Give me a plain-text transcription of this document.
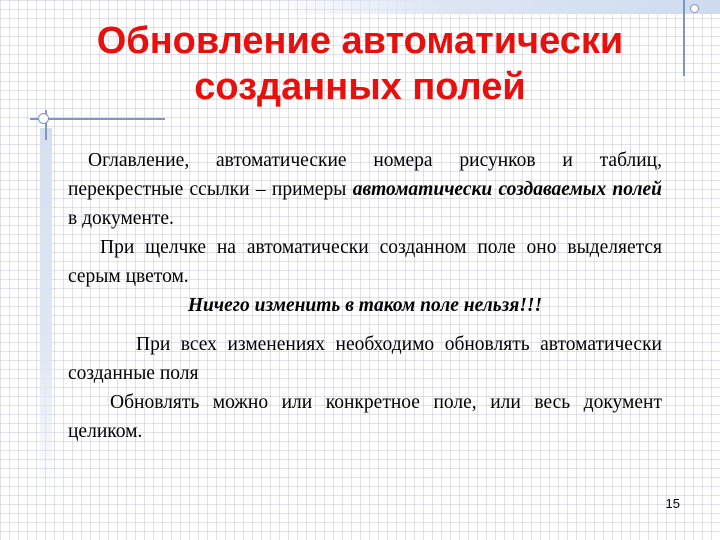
Обновление автоматически
созданных полей

Оглавление, автоматические номера рисунков и таблиц, перекрестные ссылки – примеры автоматически создаваемых полей в документе.

При щелчке на автоматически созданном поле оно выделяется серым цветом.

Ничего изменить в таком поле нельзя!!!

При всех изменениях необходимо обновлять автоматически созданные поля

Обновлять можно или конкретное поле, или весь документ целиком.

15
